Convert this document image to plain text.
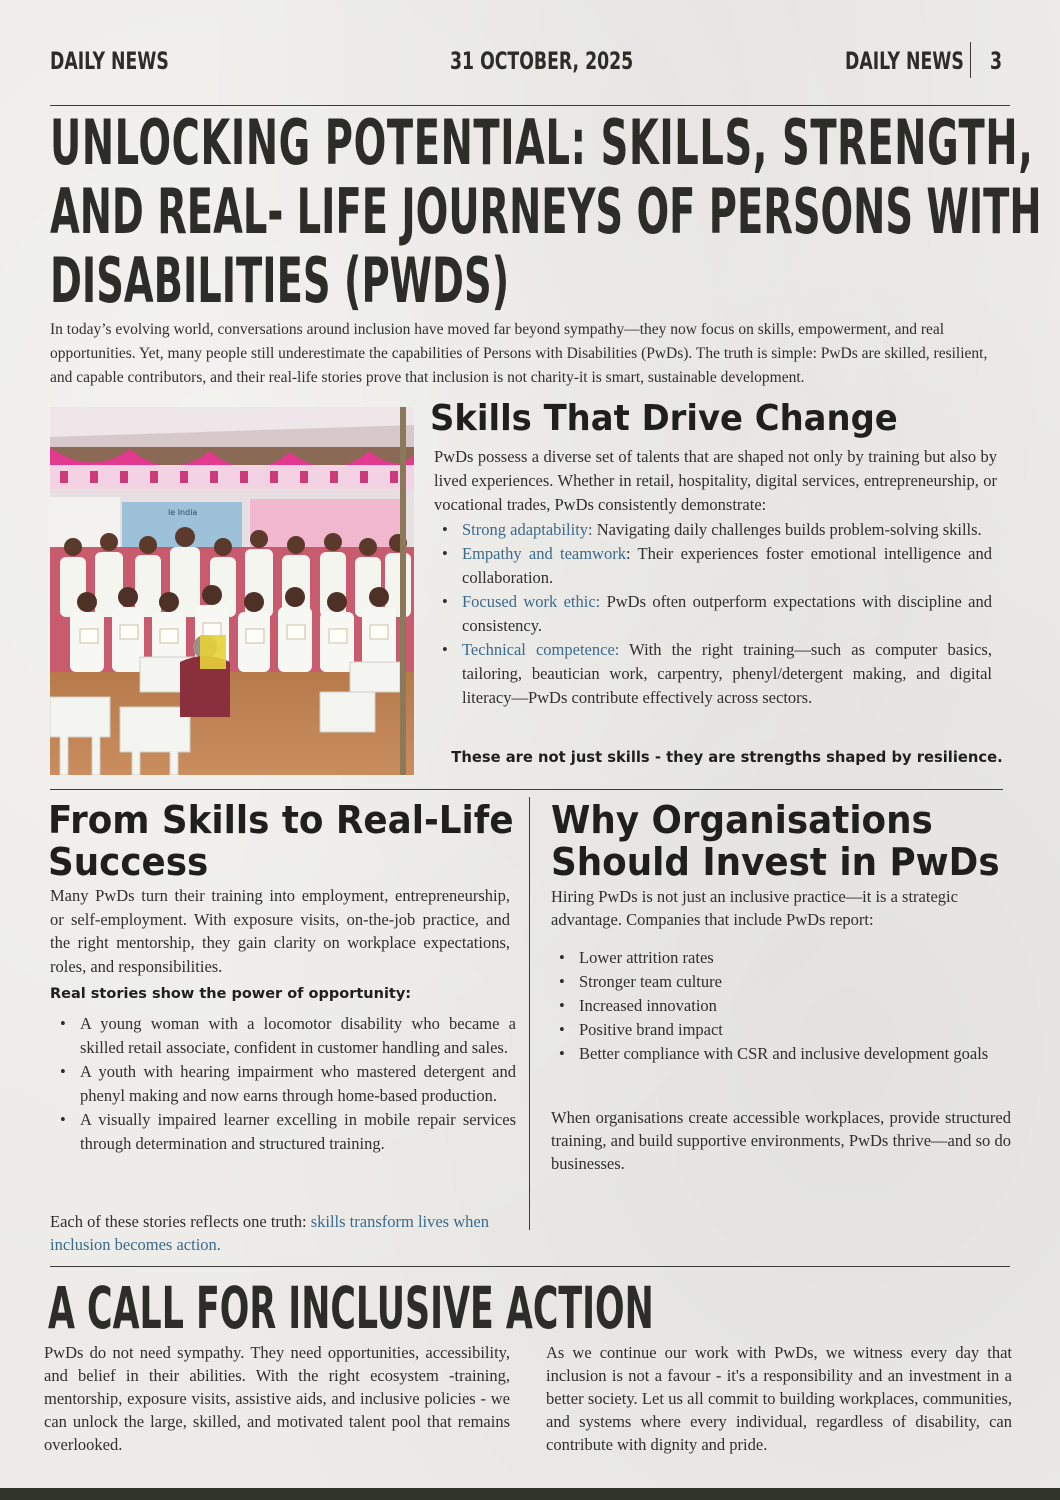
DAILY NEWS	31 OCTOBER, 2025	DAILY NEWS 3
UNLOCKING POTENTIAL: SKILLS, STRENGTH,
AND REAL- LIFE JOURNEYS OF PERSONS WITH
DISABILITIES (PWDS)
In today’s evolving world, conversations around inclusion have moved far beyond sympathy—they now focus on skills, empowerment, and real opportunities. Yet, many people still underestimate the capabilities of Persons with Disabilities (PwDs). The truth is simple: PwDs are skilled, resilient, and capable contributors, and their real-life stories prove that inclusion is not charity-it is smart, sustainable development.
le India
Skills That Drive Change
PwDs possess a diverse set of talents that are shaped not only by training but also by lived experiences. Whether in retail, hospitality, digital services, entrepreneurship, or vocational trades, PwDs consistently demonstrate:
• Strong adaptability: Navigating daily challenges builds problem-solving skills.
• Empathy and teamwork: Their experiences foster emotional intelligence and collaboration.
• Focused work ethic: PwDs often outperform expectations with discipline and consistency.
• Technical competence: With the right training—such as computer basics, tailoring, beautician work, carpentry, phenyl/detergent making, and digital literacy—PwDs contribute effectively across sectors.
These are not just skills - they are strengths shaped by resilience.
From Skills to Real-Life
Success
Many PwDs turn their training into employment, entrepreneurship, or self-employment. With exposure visits, on-the-job practice, and the right mentorship, they gain clarity on workplace expectations, roles, and responsibilities.
Real stories show the power of opportunity:
• A young woman with a locomotor disability who became a skilled retail associate, confident in customer handling and sales.
• A youth with hearing impairment who mastered detergent and phenyl making and now earns through home-based production.
• A visually impaired learner excelling in mobile repair services through determination and structured training.
Each of these stories reflects one truth: skills transform lives when inclusion becomes action.
Why Organisations
Should Invest in PwDs
Hiring PwDs is not just an inclusive practice—it is a strategic advantage. Companies that include PwDs report:
• Lower attrition rates
• Stronger team culture
• Increased innovation
• Positive brand impact
• Better compliance with CSR and inclusive development goals
When organisations create accessible workplaces, provide structured training, and build supportive environments, PwDs thrive—and so do businesses.
A CALL FOR INCLUSIVE ACTION
PwDs do not need sympathy. They need opportunities, accessibility, and belief in their abilities. With the right ecosystem -training, mentorship, exposure visits, assistive aids, and inclusive policies - we can unlock the large, skilled, and motivated talent pool that remains overlooked.
As we continue our work with PwDs, we witness every day that inclusion is not a favour - it's a responsibility and an investment in a better society. Let us all commit to building workplaces, communities, and systems where every individual, regardless of disability, can contribute with dignity and pride.
